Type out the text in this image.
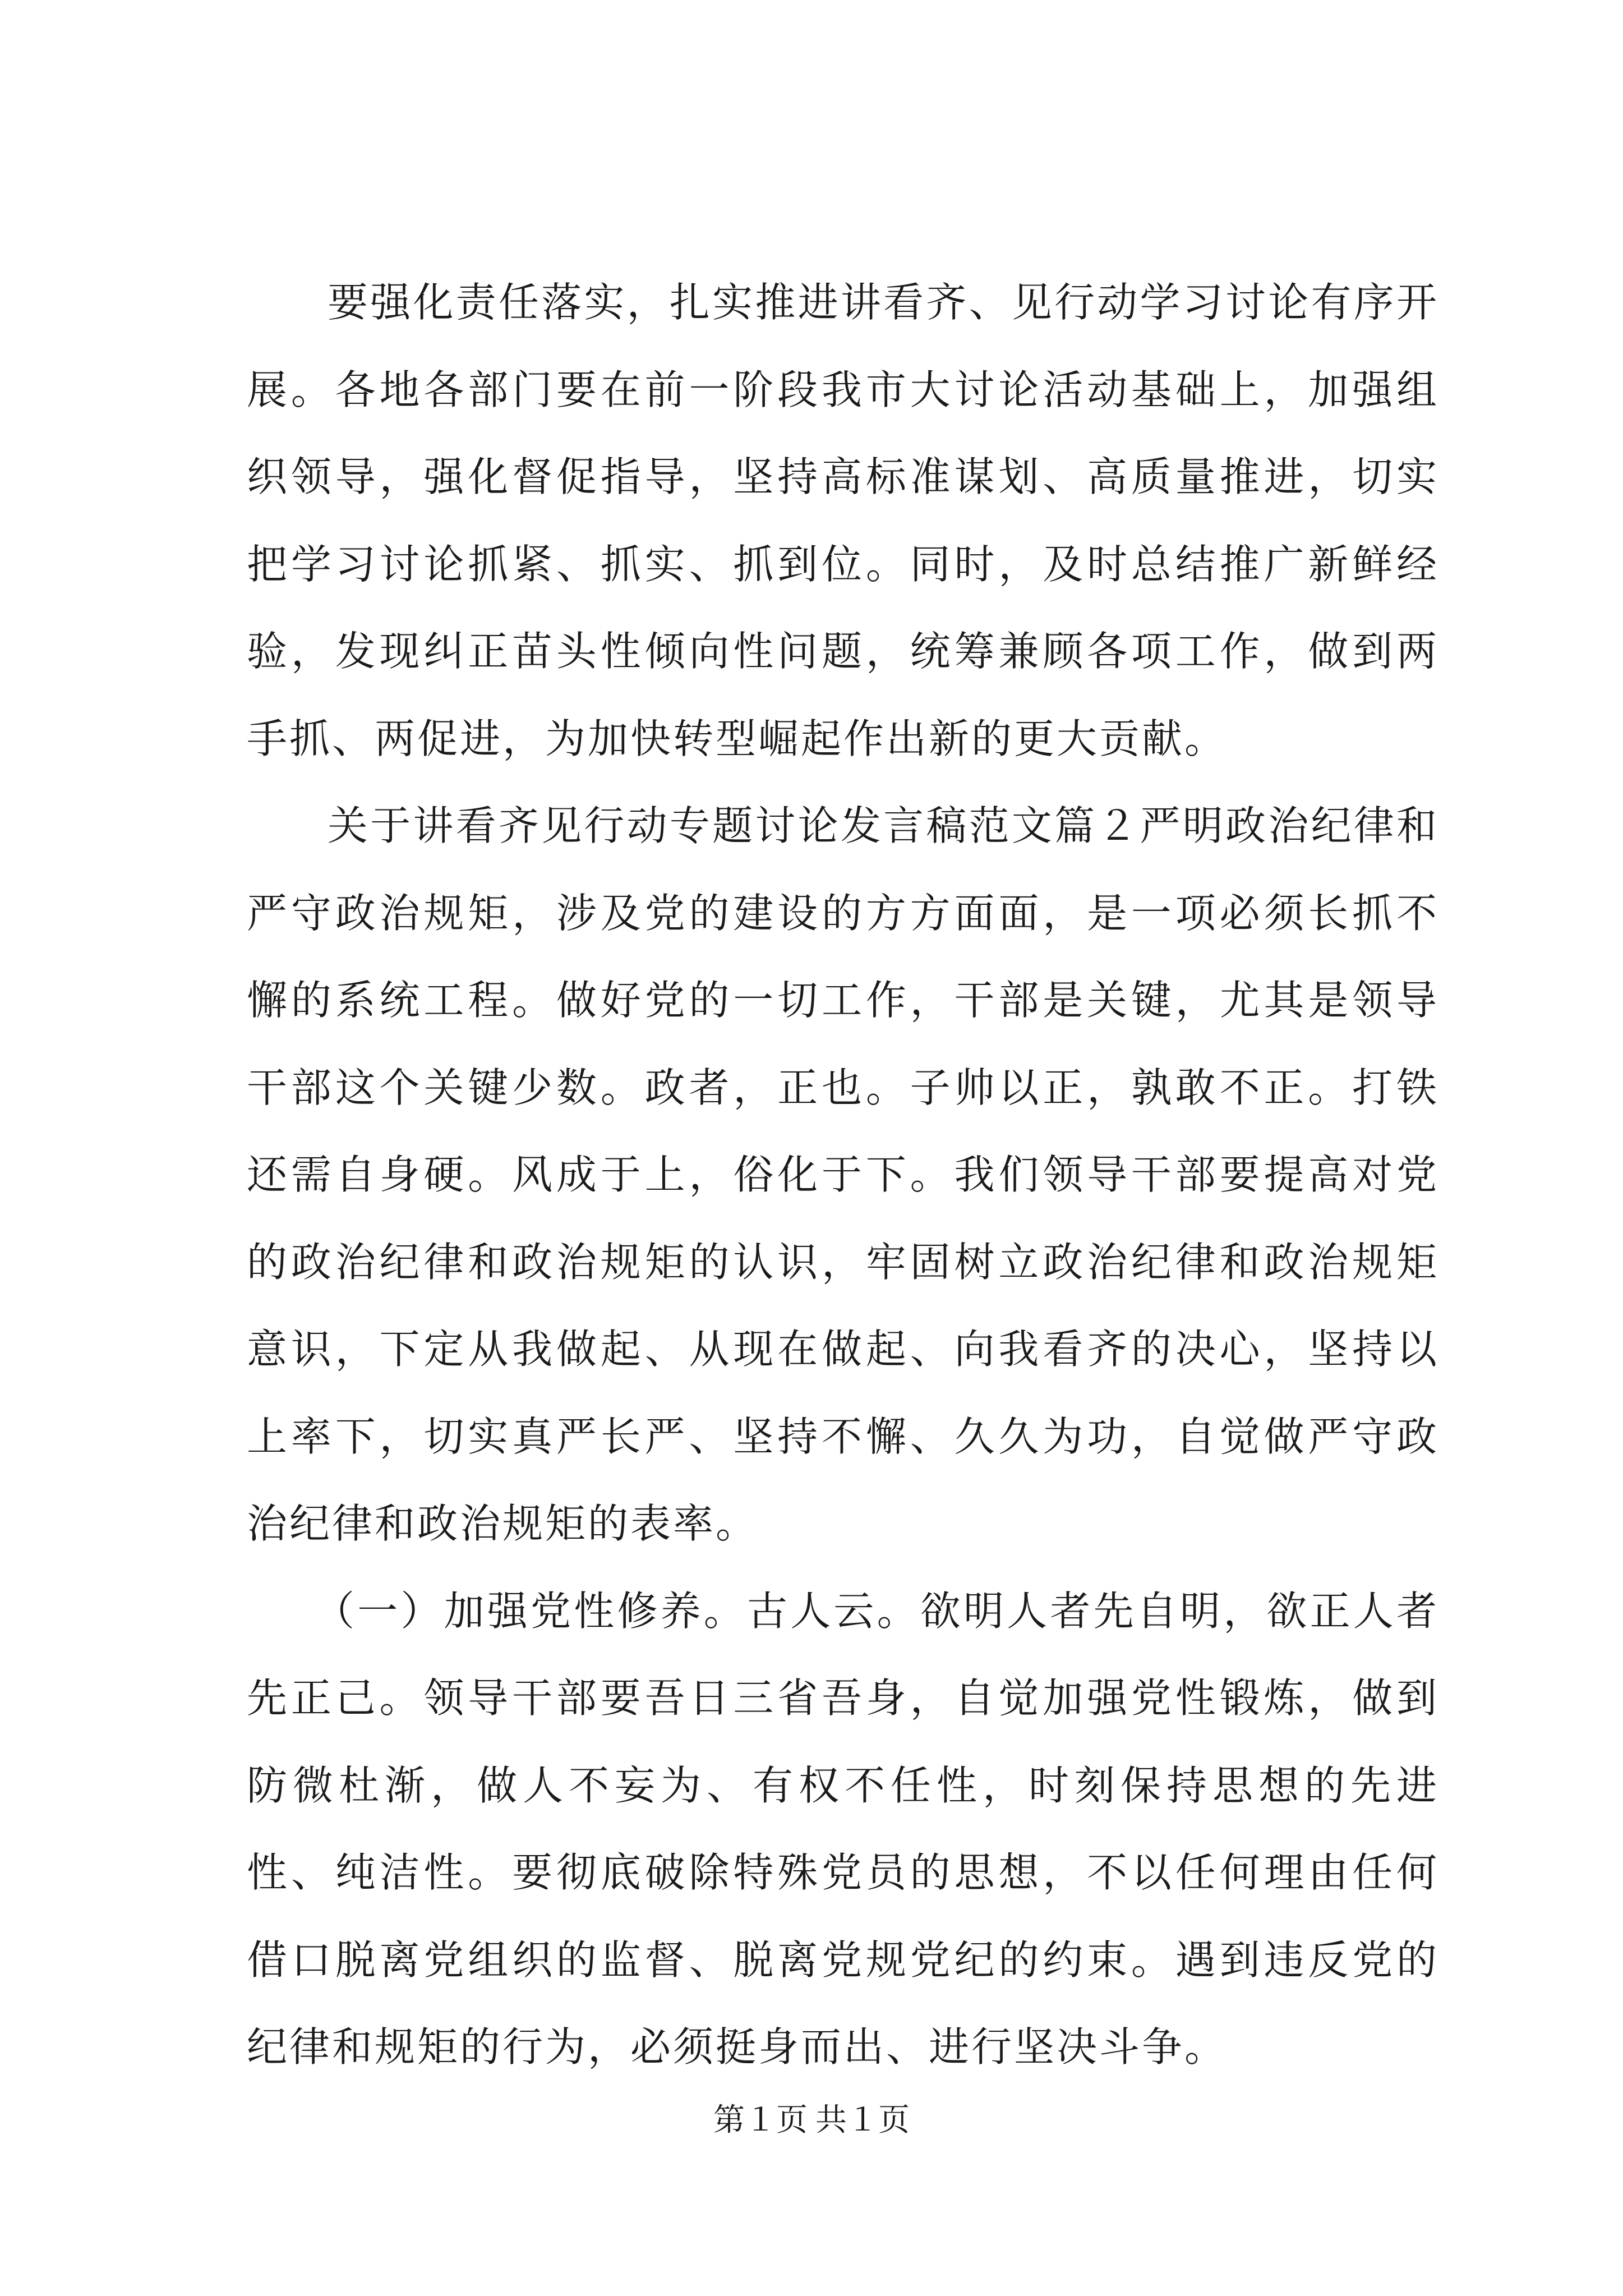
要强化责任落实，扎实推进讲看齐、见行动学习讨论有序开展。各地各部门要在前一阶段我市大讨论活动基础上，加强组织领导，强化督促指导，坚持高标准谋划、高质量推进，切实把学习讨论抓紧、抓实、抓到位。同时，及时总结推广新鲜经验，发现纠正苗头性倾向性问题，统筹兼顾各项工作，做到两手抓、两促进，为加快转型崛起作出新的更大贡献。

关于讲看齐见行动专题讨论发言稿范文篇２严明政治纪律和严守政治规矩，涉及党的建设的方方面面，是一项必须长抓不懈的系统工程。做好党的一切工作，干部是关键，尤其是领导干部这个关键少数。政者，正也。子帅以正，孰敢不正。打铁还需自身硬。风成于上，俗化于下。我们领导干部要提高对党的政治纪律和政治规矩的认识，牢固树立政治纪律和政治规矩意识，下定从我做起、从现在做起、向我看齐的决心，坚持以上率下，切实真严长严、坚持不懈、久久为功，自觉做严守政治纪律和政治规矩的表率。

（一）加强党性修养。古人云。欲明人者先自明，欲正人者先正己。领导干部要吾日三省吾身，自觉加强党性锻炼，做到防微杜渐，做人不妄为、有权不任性，时刻保持思想的先进性、纯洁性。要彻底破除特殊党员的思想，不以任何理由任何借口脱离党组织的监督、脱离党规党纪的约束。遇到违反党的纪律和规矩的行为，必须挺身而出、进行坚决斗争。

第１页 共１页
